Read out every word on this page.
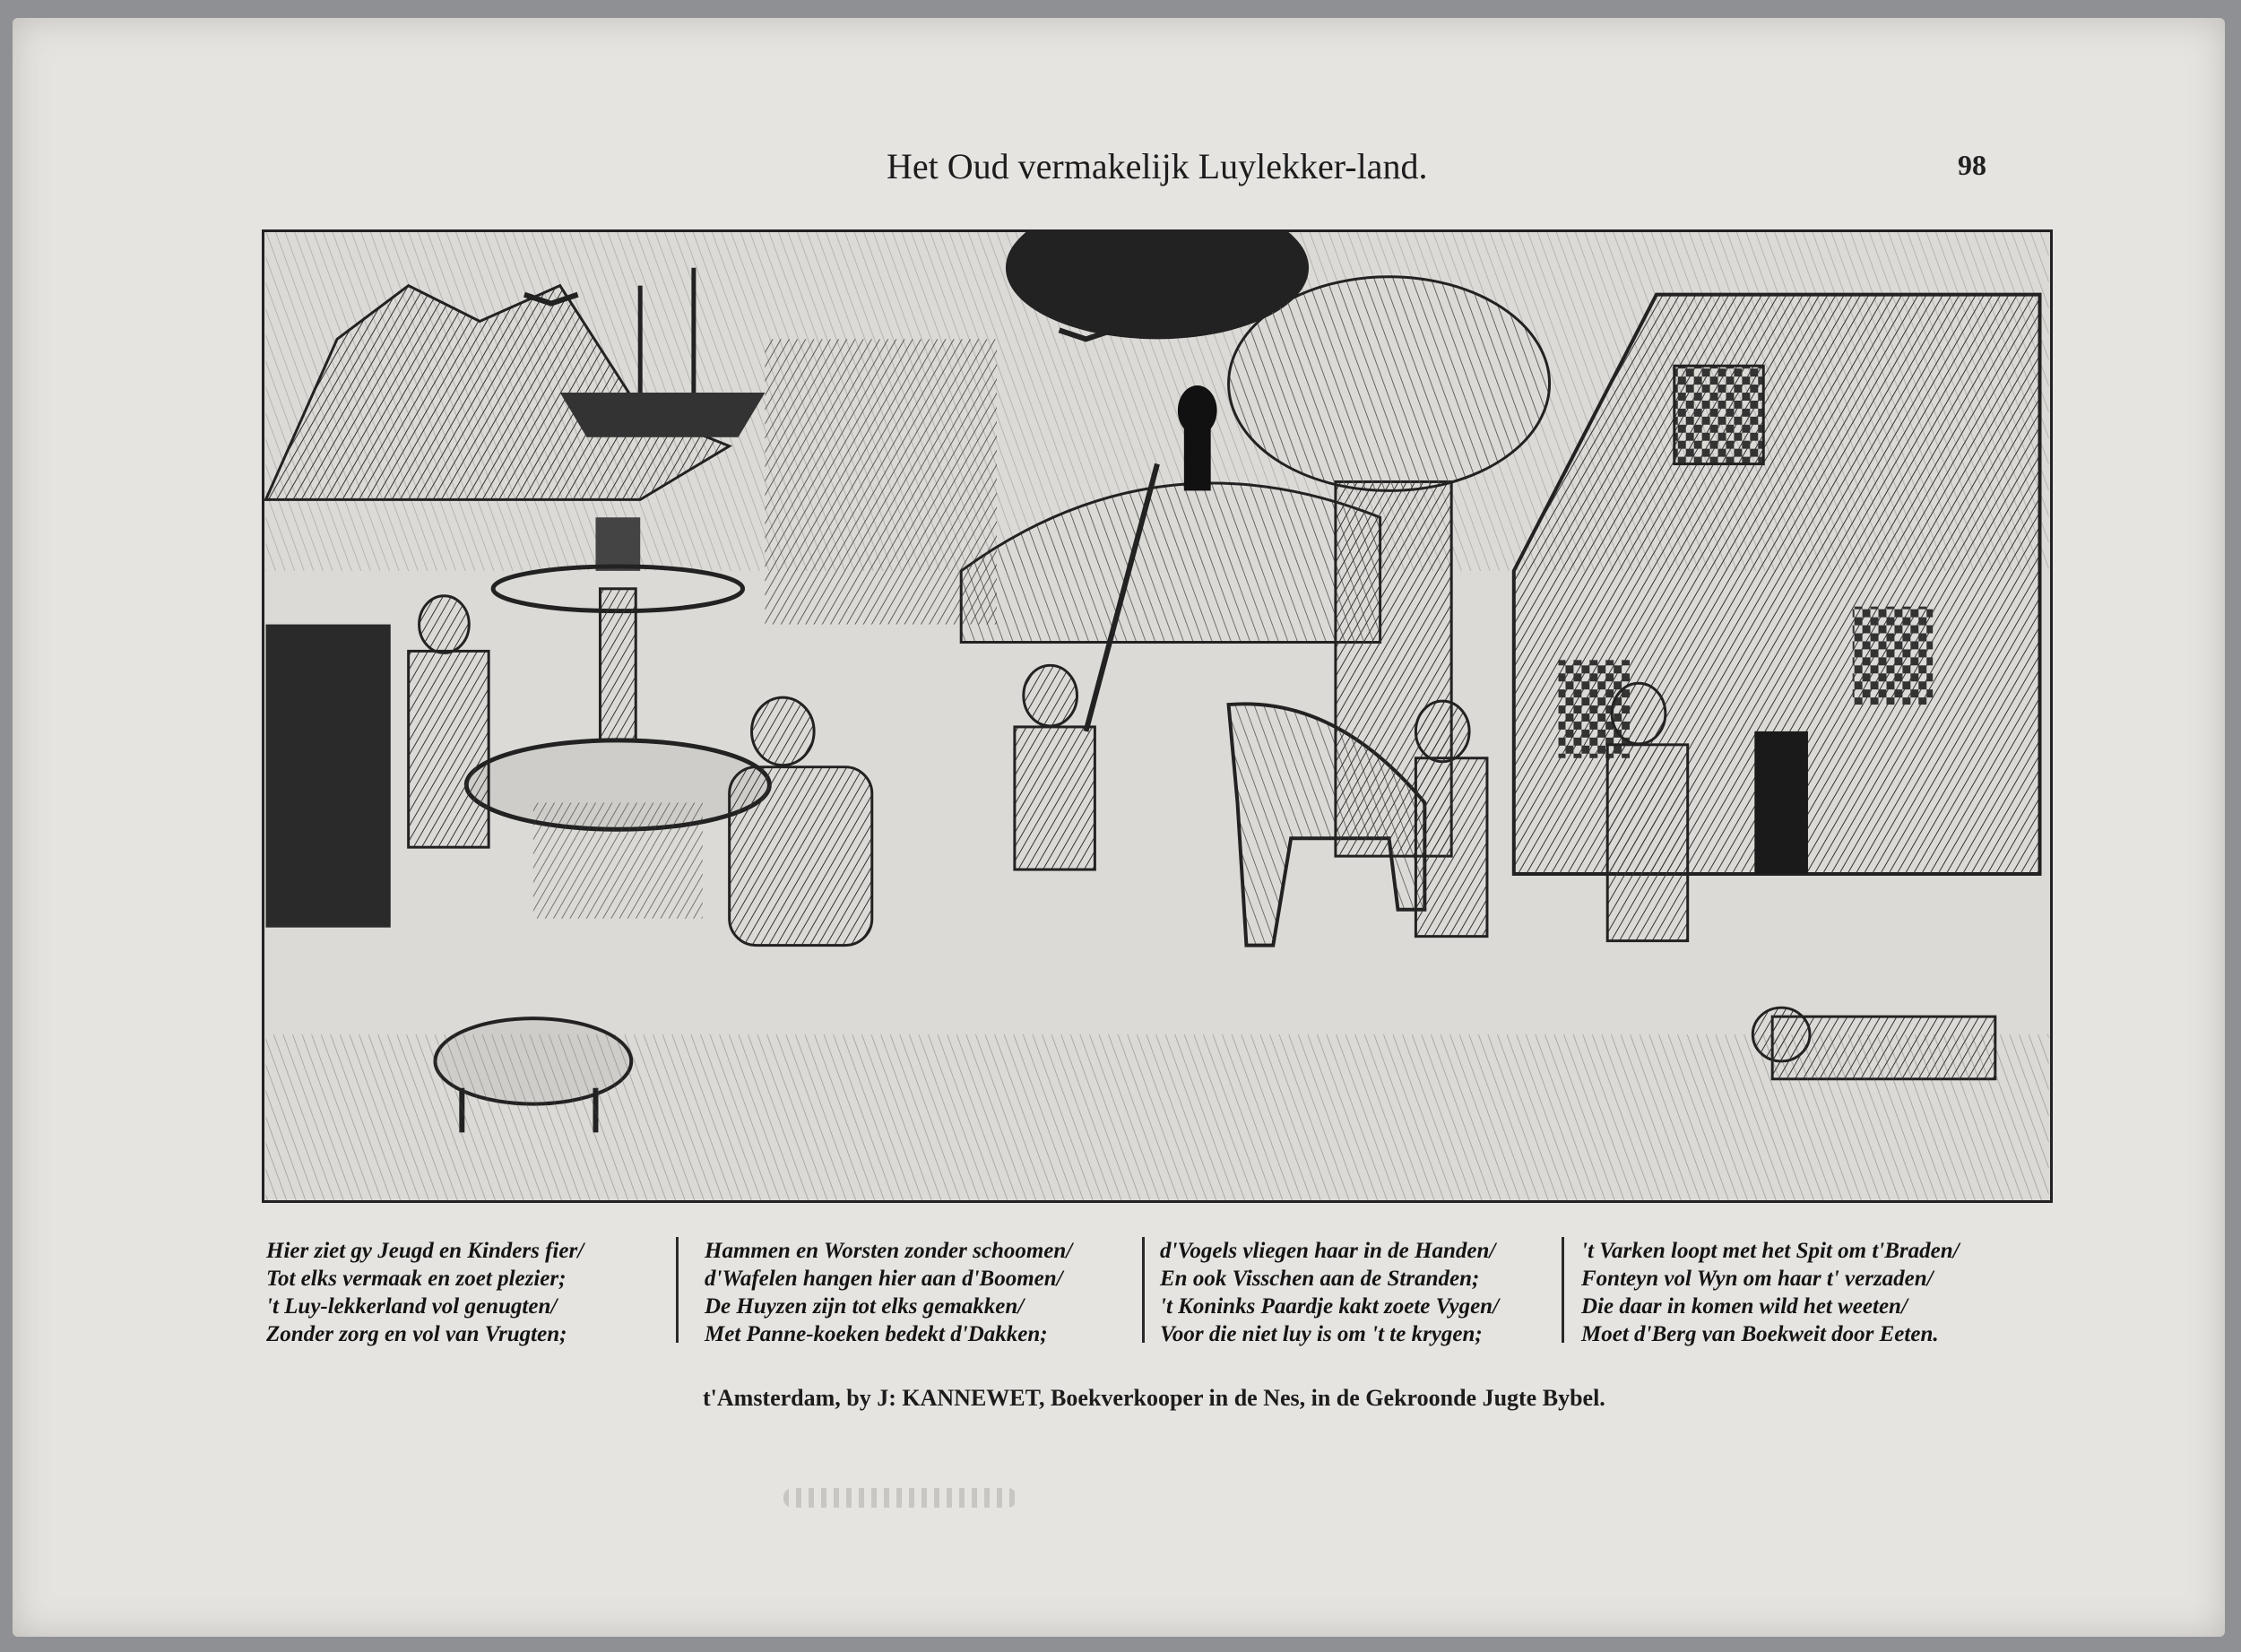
Het Oud vermakelijk Luylekker-land.	98
Hier ziet gy Jeugd en Kinders fier/
Tot elks vermaak en zoet plezier;
't Luy-lekkerland vol genugten/
Zonder zorg en vol van Vrugten;
Hammen en Worsten zonder schoomen/
d'Wafelen hangen hier aan d'Boomen/
De Huyzen zijn tot elks gemakken/
Met Panne-koeken bedekt d'Dakken;
d'Vogels vliegen haar in de Handen/
En ook Visschen aan de Stranden;
't Koninks Paardje kakt zoete Vygen/
Voor die niet luy is om 't te krygen;
't Varken loopt met het Spit om t'Braden/
Fonteyn vol Wyn om haar t' verzaden/
Die daar in komen wild het weeten/
Moet d'Berg van Boekweit door Eeten.
t'Amsterdam, by J: KANNEWET, Boekverkooper in de Nes, in de Gekroonde Jugte Bybel.
